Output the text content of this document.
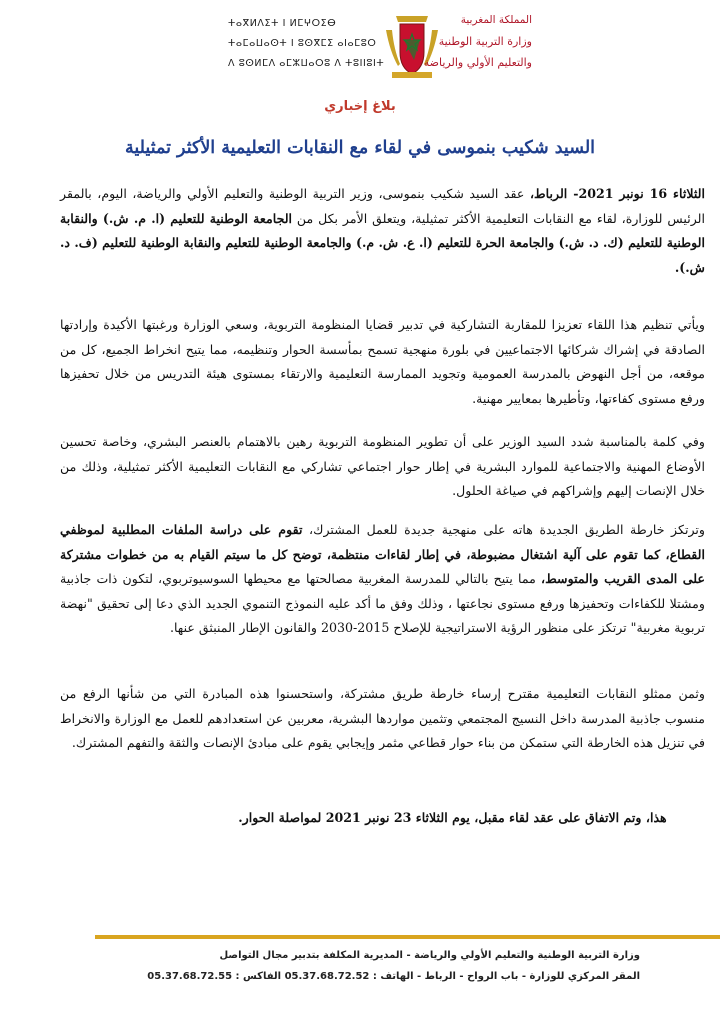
ⵜⴰⴳⵍⴷⵉⵜ ⵏ ⵍⵎⵖⵔⵉⴱ
ⵜⴰⵎⴰⵡⴰⵙⵜ ⵏ ⵓⵙⴳⵎⵉ ⴰⵏⴰⵎⵓⵔ
ⴷ ⵓⵙⵍⵎⴷ ⴰⵎⵣⵡⴰⵔⵓ ⴷ ⵜⵓⵏⵏⵓⵏⵜ
المملكة المغربية
وزارة التربية الوطنية
والتعليم الأولي والرياضة
بلاغ إخباري
السيد شكيب بنموسى في لقاء مع النقابات التعليمية الأكثر تمثيلية
الثلاثاء 16 نونبر 2021- الرباط، عقد السيد شكيب بنموسى، وزير التربية الوطنية والتعليم الأولي والرياضة، اليوم، بالمقر الرئيس للوزارة، لقاء مع النقابات التعليمية الأكثر تمثيلية، ويتعلق الأمر بكل من الجامعة الوطنية للتعليم (ا. م. ش.) والنقابة الوطنية للتعليم (ك. د. ش.) والجامعة الحرة للتعليم (ا. ع. ش. م.) والجامعة الوطنية للتعليم والنقابة الوطنية للتعليم (ف. د. ش.).
ويأتي تنظيم هذا اللقاء تعزيزا للمقاربة التشاركية في تدبير قضايا المنظومة التربوية، وسعي الوزارة ورغبتها الأكيدة وإرادتها الصادقة في إشراك شركائها الاجتماعيين في بلورة منهجية تسمح بمأسسة الحوار وتنظيمه، مما يتيح انخراط الجميع، كل من موقعه، من أجل النهوض بالمدرسة العمومية وتجويد الممارسة التعليمية والارتقاء بمستوى هيئة التدريس من خلال تحفيزها ورفع مستوى كفاءتها، وتأطيرها بمعايير مهنية.
وفي كلمة بالمناسبة شدد السيد الوزير على أن تطوير المنظومة التربوية رهين بالاهتمام بالعنصر البشري، وخاصة تحسين الأوضاع المهنية والاجتماعية للموارد البشرية في إطار حوار اجتماعي تشاركي مع النقابات التعليمية الأكثر تمثيلية، وذلك من خلال الإنصات إليهم وإشراكهم في صياغة الحلول.
وترتكز خارطة الطريق الجديدة هاته على منهجية جديدة للعمل المشترك، تقوم على دراسة الملفات المطلبية لموظفي القطاع، كما تقوم على آلية اشتغال مضبوطة، في إطار لقاءات منتظمة، توضح كل ما سيتم القيام به من خطوات مشتركة على المدى القريب والمتوسط، مما يتيح بالتالي للمدرسة المغربية مصالحتها مع محيطها السوسيوتربوي، لتكون ذات جاذبية ومشتلا للكفاءات وتحفيزها ورفع مستوى نجاعتها ، وذلك وفق ما أكد عليه النموذج التنموي الجديد الذي دعا إلى تحقيق "نهضة تربوية مغربية" ترتكز على منظور الرؤية الاستراتيجية للإصلاح 2015-2030 والقانون الإطار المنبثق عنها.
وثمن ممثلو النقابات التعليمية مقترح إرساء خارطة طريق مشتركة، واستحسنوا هذه المبادرة التي من شأنها الرفع من منسوب جاذبية المدرسة داخل النسيج المجتمعي وتثمين مواردها البشرية، معربين عن استعدادهم للعمل مع الوزارة والانخراط في تنزيل هذه الخارطة التي ستمكن من بناء حوار قطاعي مثمر وإيجابي يقوم على مبادئ الإنصات والثقة والتفهم المشترك.
هذا، وتم الاتفاق على عقد لقاء مقبل، يوم الثلاثاء 23 نونبر 2021 لمواصلة الحوار.
وزارة التربية الوطنية والتعليم الأولي والرياضة - المديرية المكلفة بتدبير مجال التواصل
المقر المركزي للوزارة - باب الرواح - الرباط - الهاتف : 05.37.68.72.52 الفاكس : 05.37.68.72.55
